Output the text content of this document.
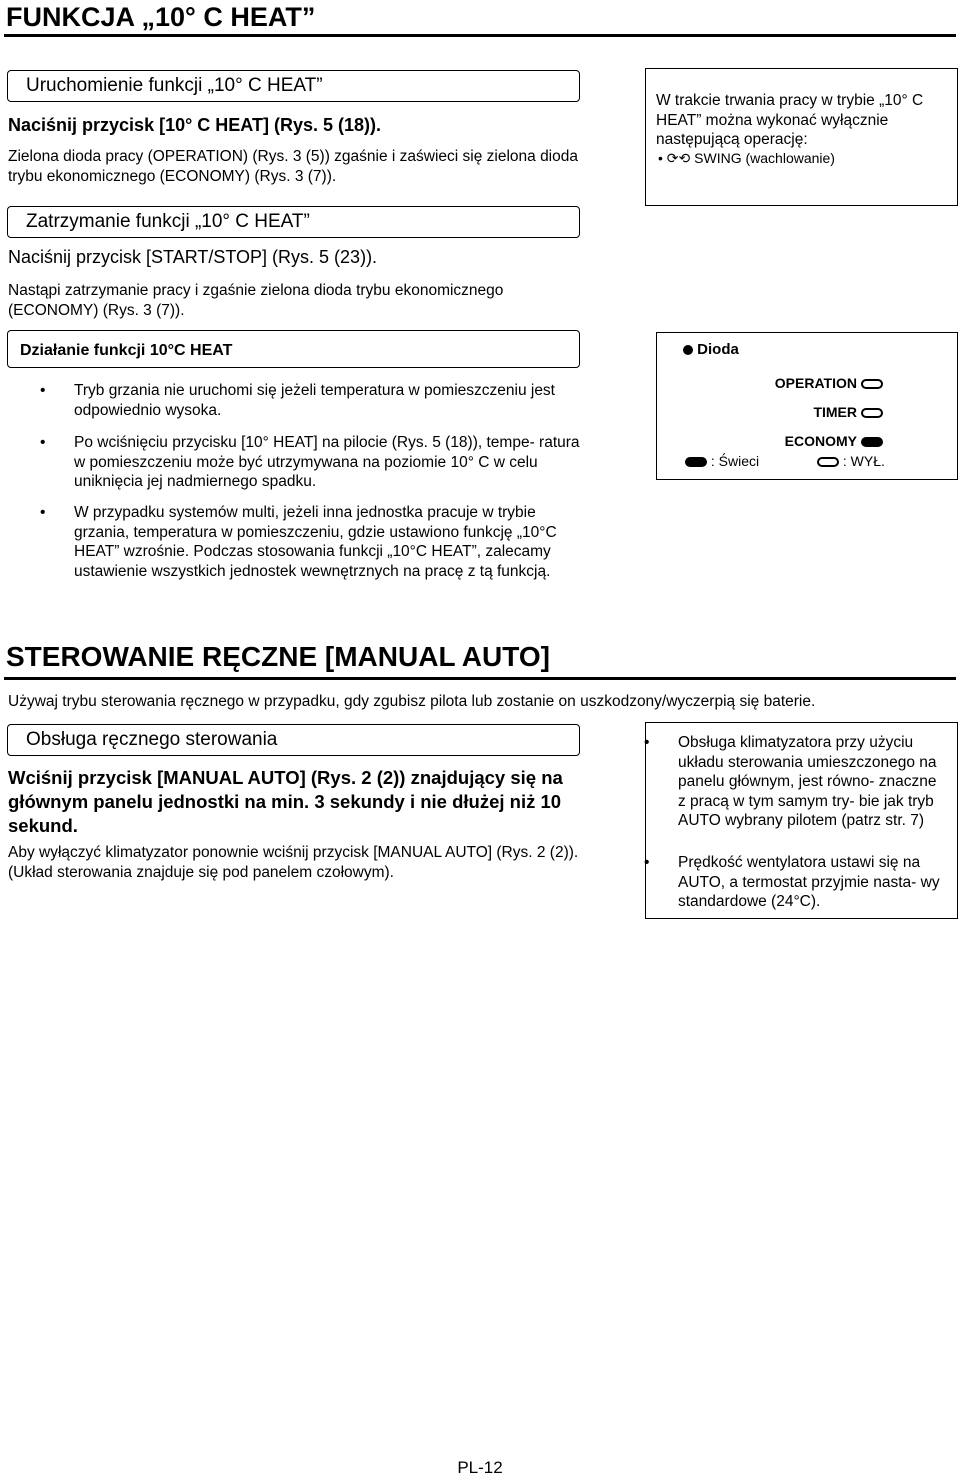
FUNKCJA „10° C HEAT”
Uruchomienie funkcji „10° C HEAT”
Naciśnij przycisk [10° C HEAT] (Rys. 5 (18)).
Zielona dioda pracy (OPERATION) (Rys. 3 (5)) zgaśnie i zaświeci się zielona dioda trybu ekonomicznego (ECONOMY) (Rys. 3 (7)).
Zatrzymanie funkcji „10° C HEAT”
Naciśnij przycisk [START/STOP] (Rys. 5 (23)).
Nastąpi zatrzymanie pracy i zgaśnie zielona dioda trybu ekonomicznego (ECONOMY) (Rys. 3 (7)).
W trakcie trwania pracy w trybie „10° C HEAT” można wykonać wyłącznie następującą operację:
• ⟳⟲ SWING (wachlowanie)
Działanie funkcji 10°C HEAT
• Tryb grzania nie uruchomi się jeżeli temperatura w pomieszczeniu jest odpowiednio wysoka.
• Po wciśnięciu przycisku [10° HEAT] na pilocie (Rys. 5 (18)), tempe- ratura w pomieszczeniu może być utrzymywana na poziomie 10° C w celu uniknięcia jej nadmiernego spadku.
• W przypadku systemów multi, jeżeli inna jednostka pracuje w trybie grzania, temperatura w pomieszczeniu, gdzie ustawiono funkcję „10°C HEAT” wzrośnie. Podczas stosowania funkcji „10°C HEAT”, zalecamy ustawienie wszystkich jednostek wewnętrznych na pracę z tą funkcją.
Dioda
OPERATION
TIMER
ECONOMY
: Świeci	: WYŁ.
STEROWANIE RĘCZNE [MANUAL AUTO]
Używaj trybu sterowania ręcznego w przypadku, gdy zgubisz pilota lub zostanie on uszkodzony/wyczerpią się baterie.
Obsługa ręcznego sterowania
Wciśnij przycisk [MANUAL AUTO] (Rys. 2 (2)) znajdujący się na głównym panelu jednostki na min. 3 sekundy i nie dłużej niż 10 sekund.
Aby wyłączyć klimatyzator ponownie wciśnij przycisk [MANUAL AUTO] (Rys. 2 (2)). (Układ sterowania znajduje się pod panelem czołowym).
• Obsługa klimatyzatora przy użyciu układu sterowania umieszczonego na panelu głównym, jest równo- znaczne z pracą w tym samym try- bie jak tryb AUTO wybrany pilotem (patrz str. 7)
• Prędkość wentylatora ustawi się na AUTO, a termostat przyjmie nasta- wy standardowe (24°C).
PL-12
